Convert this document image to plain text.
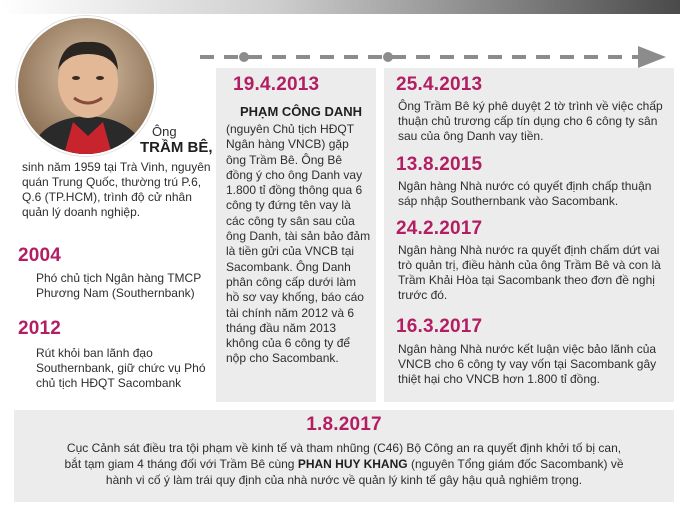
Ông
TRẦM BÊ,
sinh năm 1959 tại Trà Vinh, nguyên quán Trung Quốc, thường trú P.6, Q.6 (TP.HCM), trình độ cử nhân quản lý doanh nghiệp.
2004
Phó chủ tịch Ngân hàng TMCP Phương Nam (Southernbank)
2012
Rút khỏi ban lãnh đạo Southernbank, giữ chức vụ Phó chủ tịch HĐQT Sacombank
19.4.2013
PHẠM CÔNG DANH
(nguyên Chủ tịch HĐQT Ngân hàng VNCB) gặp ông Trầm Bê. Ông Bê đồng ý cho ông Danh vay 1.800 tỉ đồng thông qua 6 công ty đứng tên vay là các công ty sân sau của ông Danh, tài sản bảo đảm là tiền gửi của VNCB tại Sacombank. Ông Danh phân công cấp dưới làm hồ sơ vay khống, báo cáo tài chính năm 2012 và 6 tháng đầu năm 2013 không của 6 công ty để nộp cho Sacombank.
25.4.2013
Ông Trầm Bê ký phê duyệt 2 tờ trình về việc chấp thuận chủ trương cấp tín dụng cho 6 công ty sân sau của ông Danh vay tiền.
13.8.2015
Ngân hàng Nhà nước có quyết định chấp thuận sáp nhập Southernbank vào Sacombank.
24.2.2017
Ngân hàng Nhà nước ra quyết định chấm dứt vai trò quản trị, điều hành của ông Trầm Bê và con là Trầm Khải Hòa tại Sacombank theo đơn đề nghị trước đó.
16.3.2017
Ngân hàng Nhà nước kết luận việc bảo lãnh của VNCB cho 6 công ty vay vốn tại Sacombank gây thiệt hại cho VNCB hơn 1.800 tỉ đồng.
1.8.2017
Cục Cảnh sát điều tra tội phạm về kinh tế và tham nhũng (C46) Bộ Công an ra quyết định khởi tố bị can,
bắt tạm giam 4 tháng đối với Trầm Bê cùng PHAN HUY KHANG (nguyên Tổng giám đốc Sacombank) về
hành vi cố ý làm trái quy định của nhà nước về quản lý kinh tế gây hậu quả nghiêm trọng.
